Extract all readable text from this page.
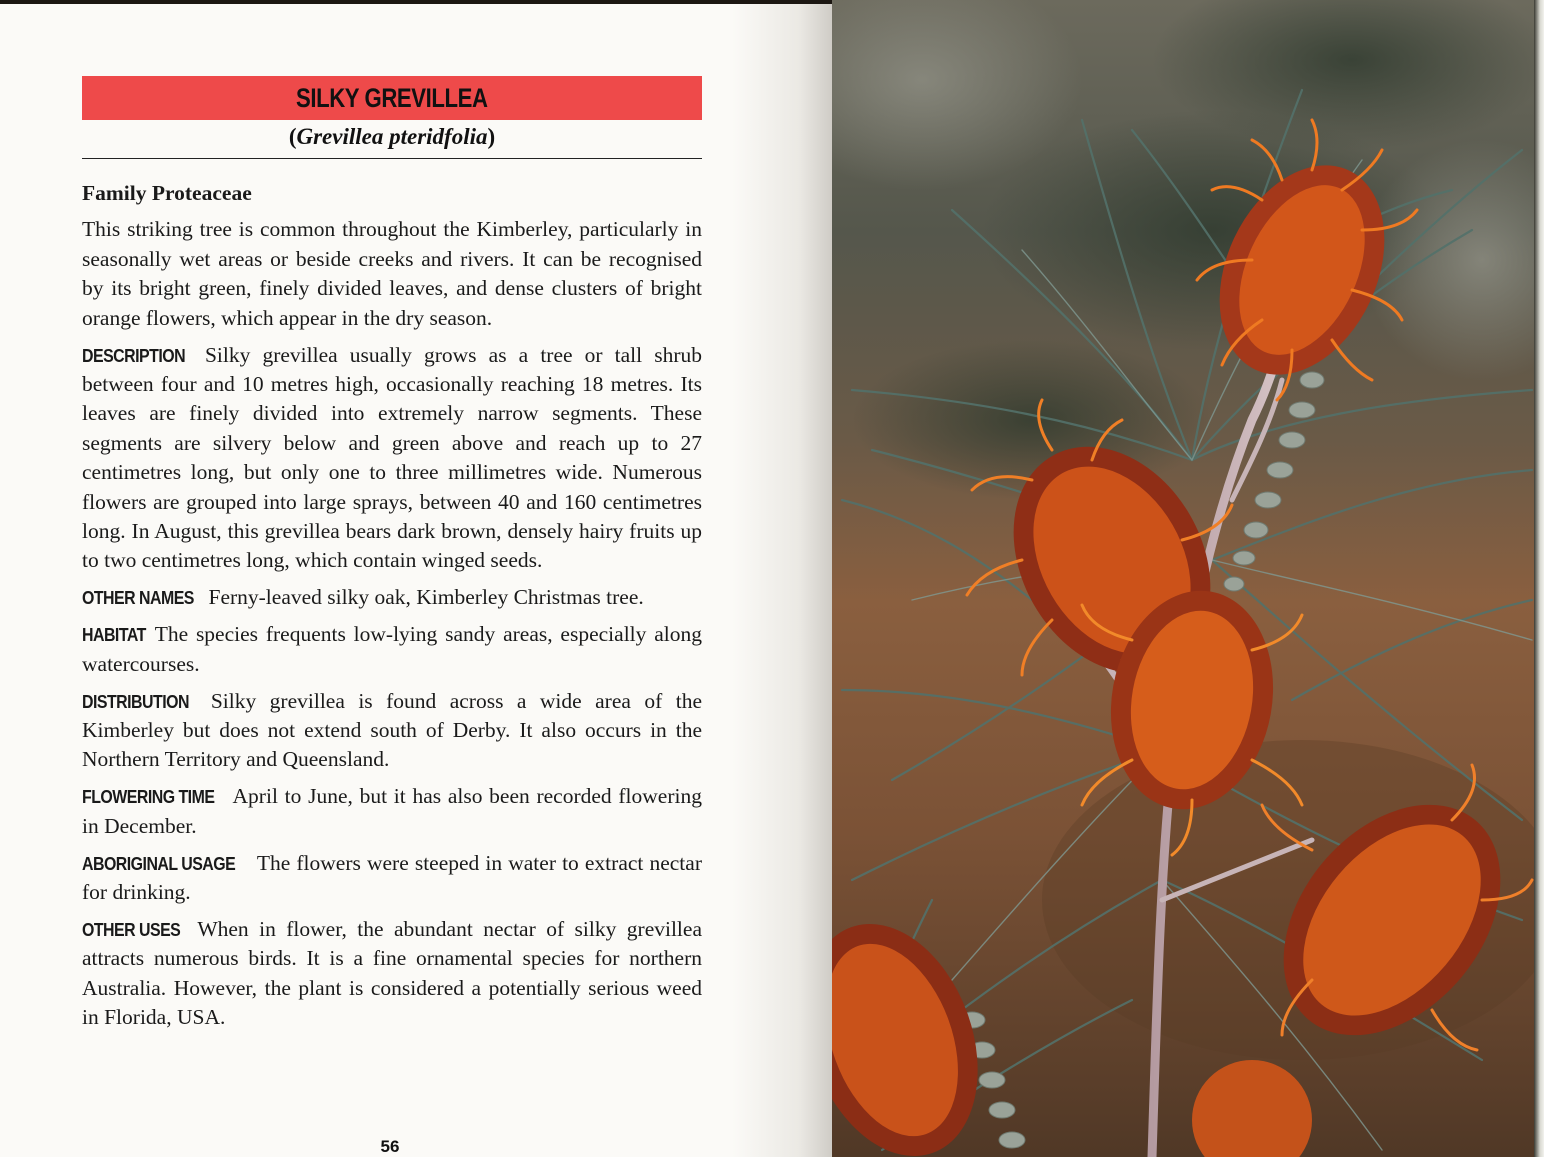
SILKY GREVILLEA
(Grevillea pteridfolia)

Family Proteaceae

This striking tree is common throughout the Kimberley, particularly in seasonally wet areas or beside creeks and rivers. It can be recognised by its bright green, finely divided leaves, and dense clusters of bright orange flowers, which appear in the dry season.

DESCRIPTION Silky grevillea usually grows as a tree or tall shrub between four and 10 metres high, occasionally reaching 18 metres. Its leaves are finely divided into extremely narrow segments. These segments are silvery below and green above and reach up to 27 centimetres long, but only one to three millimetres wide. Numerous flowers are grouped into large sprays, between 40 and 160 centimetres long. In August, this grevillea bears dark brown, densely hairy fruits up to two centimetres long, which contain winged seeds.

OTHER NAMES Ferny-leaved silky oak, Kimberley Christmas tree.

HABITAT The species frequents low-lying sandy areas, especially along watercourses.

DISTRIBUTION Silky grevillea is found across a wide area of the Kimberley but does not extend south of Derby. It also occurs in the Northern Territory and Queensland.

FLOWERING TIME April to June, but it has also been recorded flowering in December.

ABORIGINAL USAGE The flowers were steeped in water to extract nectar for drinking.

OTHER USES When in flower, the abundant nectar of silky grevillea attracts numerous birds. It is a fine ornamental species for northern Australia. However, the plant is considered a potentially serious weed in Florida, USA.

56
